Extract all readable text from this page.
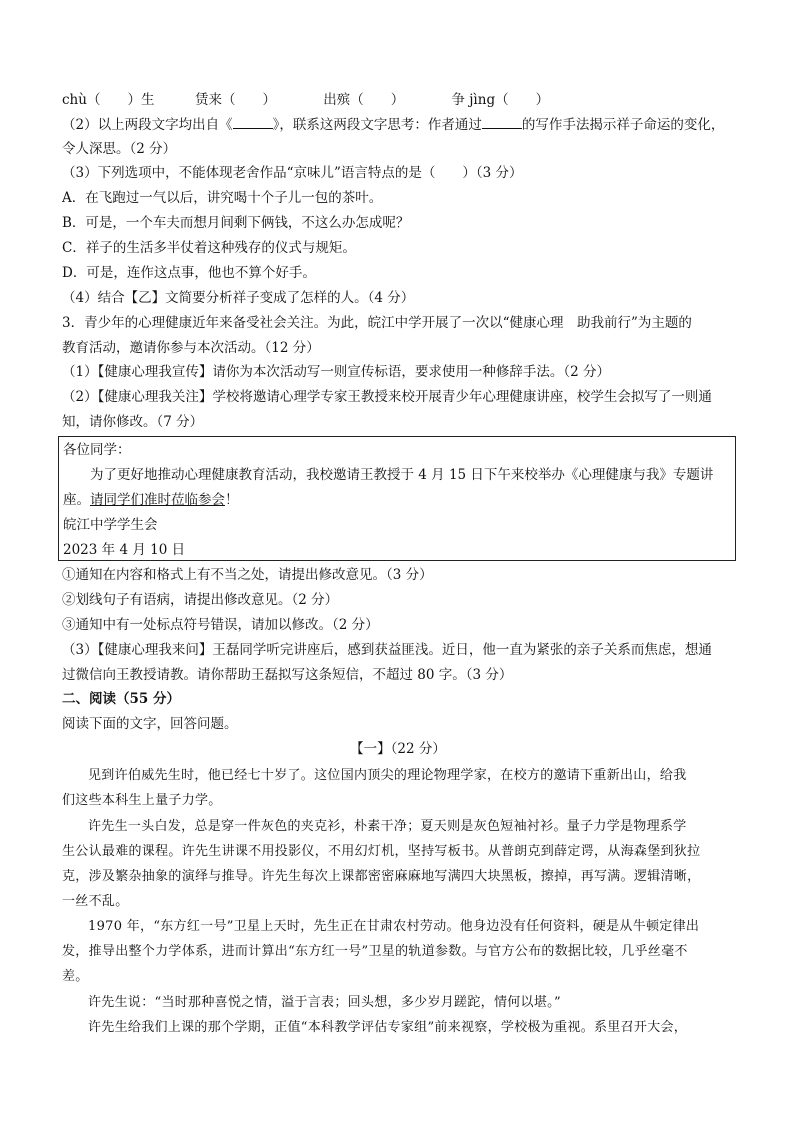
chù（　　）生　　　赁来（　　）　　　　出殡（　　）　　　　争 jìng（　　）
（2）以上两段文字均出自《	》，联系这两段文字思考：作者通过	的写作手法揭示祥子命运的变化，
令人深思。（2 分）
（3）下列选项中，不能体现老舍作品“京味儿”语言特点的是（　　）（3 分）
A．在飞跑过一气以后，讲究喝十个子儿一包的茶叶。
B．可是，一个车夫而想月间剩下俩钱，不这么办怎成呢？
C．祥子的生活多半仗着这种残存的仪式与规矩。
D．可是，连作这点事，他也不算个好手。
（4）结合【乙】文简要分析祥子变成了怎样的人。（4 分）
3．青少年的心理健康近年来备受社会关注。为此，皖江中学开展了一次以“健康心理　助我前行”为主题的
教育活动，邀请你参与本次活动。（12 分）
（1）【健康心理我宣传】请你为本次活动写一则宣传标语，要求使用一种修辞手法。（2 分）
（2）【健康心理我关注】学校将邀请心理学专家王教授来校开展青少年心理健康讲座，校学生会拟写了一则通
知，请你修改。（7 分）
各位同学：
为了更好地推动心理健康教育活动，我校邀请王教授于 4 月 15 日下午来校举办《心理健康与我》专题讲
座。请同学们准时莅临参会！
皖江中学学生会
2023 年 4 月 10 日
①通知在内容和格式上有不当之处，请提出修改意见。（3 分）
②划线句子有语病，请提出修改意见。（2 分）
③通知中有一处标点符号错误，请加以修改。（2 分）
（3）【健康心理我来问】王磊同学听完讲座后，感到获益匪浅。近日，他一直为紧张的亲子关系而焦虑，想通
过微信向王教授请教。请你帮助王磊拟写这条短信，不超过 80 字。（3 分）
二、阅读（55 分）
阅读下面的文字，回答问题。
【一】（22 分）
见到许伯威先生时，他已经七十岁了。这位国内顶尖的理论物理学家，在校方的邀请下重新出山，给我
们这些本科生上量子力学。
许先生一头白发，总是穿一件灰色的夹克衫，朴素干净；夏天则是灰色短袖衬衫。量子力学是物理系学
生公认最难的课程。许先生讲课不用投影仪，不用幻灯机，坚持写板书。从普朗克到薛定谔，从海森堡到狄拉
克，涉及繁杂抽象的演绎与推导。许先生每次上课都密密麻麻地写满四大块黑板，擦掉，再写满。逻辑清晰，
一丝不乱。
1970 年，“东方红一号”卫星上天时，先生正在甘肃农村劳动。他身边没有任何资料，硬是从牛顿定律出
发，推导出整个力学体系，进而计算出“东方红一号”卫星的轨道参数。与官方公布的数据比较，几乎丝毫不
差。
许先生说：“当时那种喜悦之情，溢于言表；回头想，多少岁月蹉跎，情何以堪。”
许先生给我们上课的那个学期，正值“本科教学评估专家组”前来视察，学校极为重视。系里召开大会，
